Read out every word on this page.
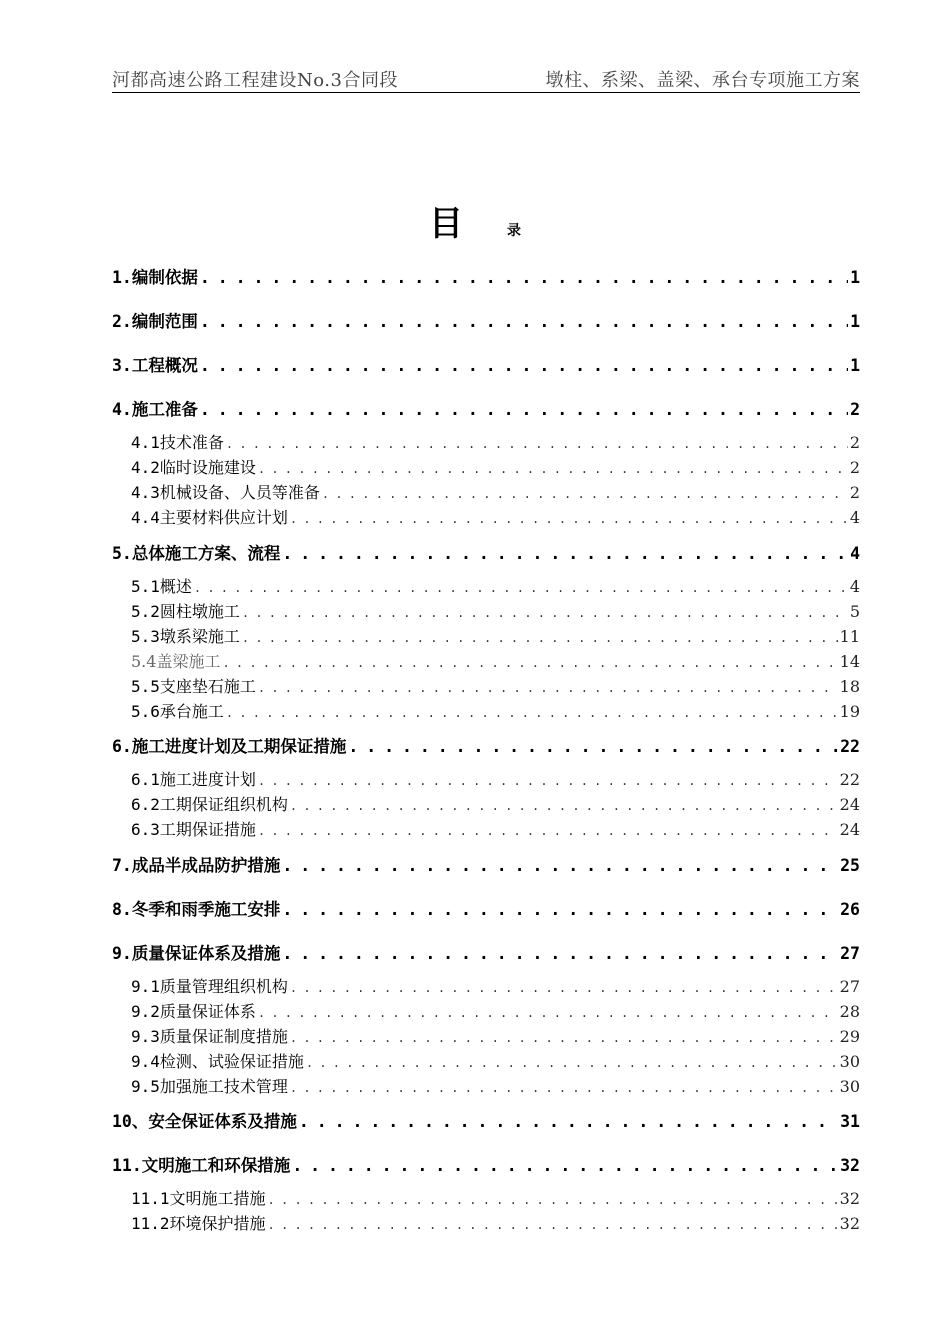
河都高速公路工程建设No.3合同段	墩柱、系梁、盖梁、承台专项施工方案
目	录
1.编制依据 . . .	1
2.编制范围 . . .	1
3.工程概况 . . .	1
4.施工准备 . . .	2
4.1技术准备 . . .	2
4.2临时设施建设 . . .	2
4.3机械设备、人员等准备 . . .	2
4.4主要材料供应计划 . . .	4
5.总体施工方案、流程 . . .	4
5.1概述 . . .	4
5.2圆柱墩施工 . . .	5
5.3墩系梁施工 . . .	11
5.4盖梁施工 . . .	14
5.5支座垫石施工 . . .	18
5.6承台施工 . . .	19
6.施工进度计划及工期保证措施 . . .	22
6.1施工进度计划 . . .	22
6.2工期保证组织机构 . . .	24
6.3工期保证措施 . . .	24
7.成品半成品防护措施 . . .	25
8.冬季和雨季施工安排 . . .	26
9.质量保证体系及措施 . . .	27
9.1质量管理组织机构 . . .	27
9.2质量保证体系 . . .	28
9.3质量保证制度措施 . . .	29
9.4检测、试验保证措施 . . .	30
9.5加强施工技术管理 . . .	30
10、安全保证体系及措施 . . .	31
11.文明施工和环保措施 . . .	32
11.1文明施工措施 . . .	32
11.2环境保护措施 . . .	32
